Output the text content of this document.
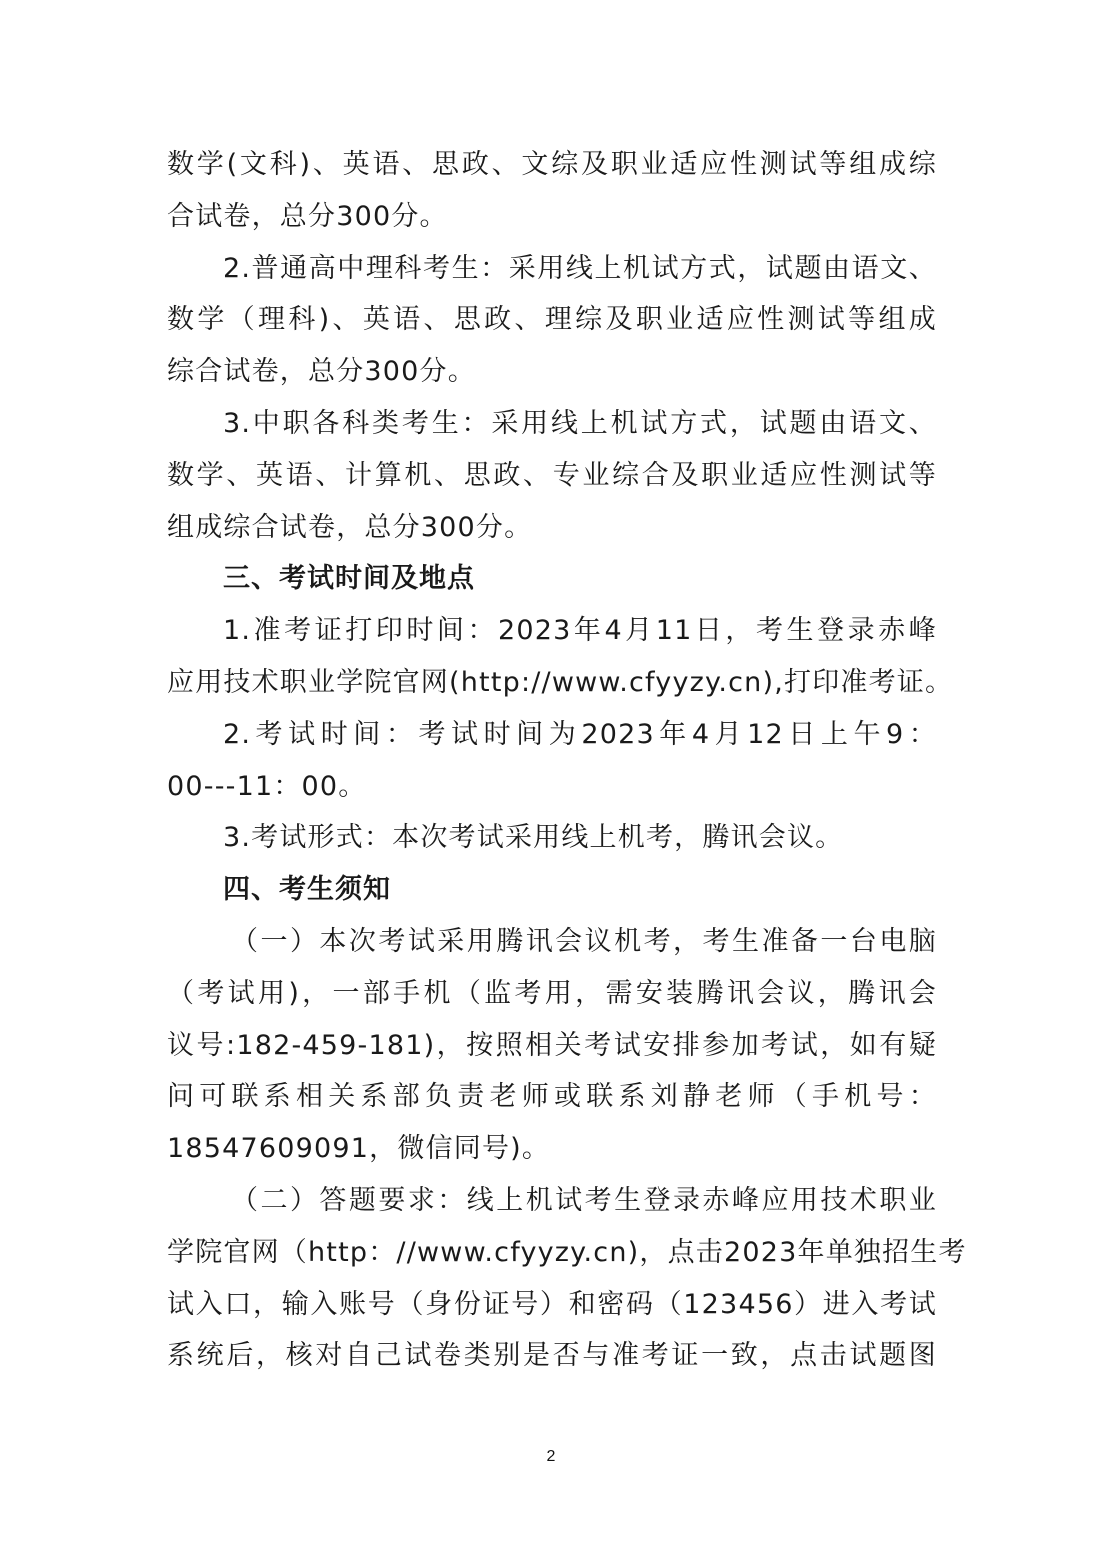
数学(文科)、英语、思政、文综及职业适应性测试等组成综
合试卷，总分300分。
2.普通高中理科考生：采用线上机试方式，试题由语文、
数学（理科)、英语、思政、理综及职业适应性测试等组成
综合试卷，总分300分。
3.中职各科类考生：采用线上机试方式，试题由语文、
数学、英语、计算机、思政、专业综合及职业适应性测试等
组成综合试卷，总分300分。
三、考试时间及地点
1.准考证打印时间：2023年4月11日，考生登录赤峰
应用技术职业学院官网(http://www.cfyyzy.cn),打印准考证。
2.考试时间：考试时间为2023年4月12日上午9：
00---11：00。
3.考试形式：本次考试采用线上机考，腾讯会议。
四、考生须知
（一）本次考试采用腾讯会议机考，考生准备一台电脑
（考试用)，一部手机（监考用，需安装腾讯会议，腾讯会
议号:182-459-181)，按照相关考试安排参加考试，如有疑
问可联系相关系部负责老师或联系刘静老师（手机号：
18547609091，微信同号)。
（二）答题要求：线上机试考生登录赤峰应用技术职业
学院官网（http：//www.cfyyzy.cn)，点击2023年单独招生考
试入口，输入账号（身份证号）和密码（123456）进入考试
系统后，核对自己试卷类别是否与准考证一致，点击试题图
2
